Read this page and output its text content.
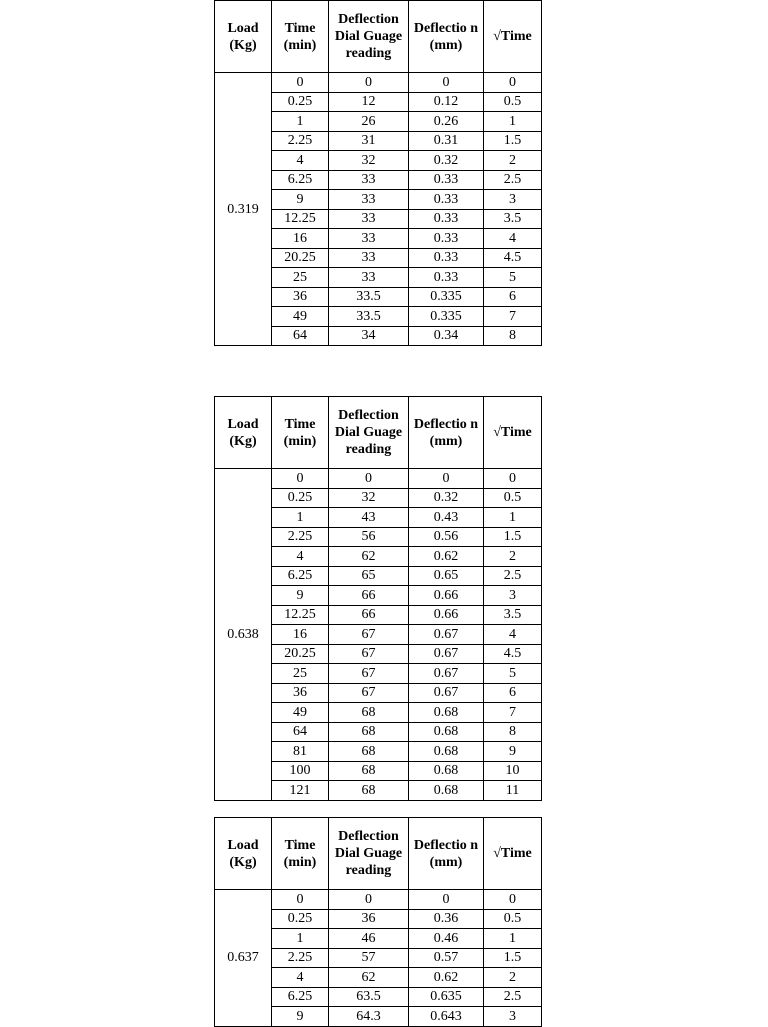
Load (Kg)	Time (min)	Deflection Dial Guage reading	Deflectio n (mm)	√Time
0.319	0	0	0	0
	0.25	12	0.12	0.5
	1	26	0.26	1
	2.25	31	0.31	1.5
	4	32	0.32	2
	6.25	33	0.33	2.5
	9	33	0.33	3
	12.25	33	0.33	3.5
	16	33	0.33	4
	20.25	33	0.33	4.5
	25	33	0.33	5
	36	33.5	0.335	6
	49	33.5	0.335	7
	64	34	0.34	8
Load (Kg)	Time (min)	Deflection Dial Guage reading	Deflectio n (mm)	√Time
0.638	0	0	0	0
	0.25	32	0.32	0.5
	1	43	0.43	1
	2.25	56	0.56	1.5
	4	62	0.62	2
	6.25	65	0.65	2.5
	9	66	0.66	3
	12.25	66	0.66	3.5
	16	67	0.67	4
	20.25	67	0.67	4.5
	25	67	0.67	5
	36	67	0.67	6
	49	68	0.68	7
	64	68	0.68	8
	81	68	0.68	9
	100	68	0.68	10
	121	68	0.68	11
Load (Kg)	Time (min)	Deflection Dial Guage reading	Deflectio n (mm)	√Time
0.637	0	0	0	0
	0.25	36	0.36	0.5
	1	46	0.46	1
	2.25	57	0.57	1.5
	4	62	0.62	2
	6.25	63.5	0.635	2.5
	9	64.3	0.643	3
